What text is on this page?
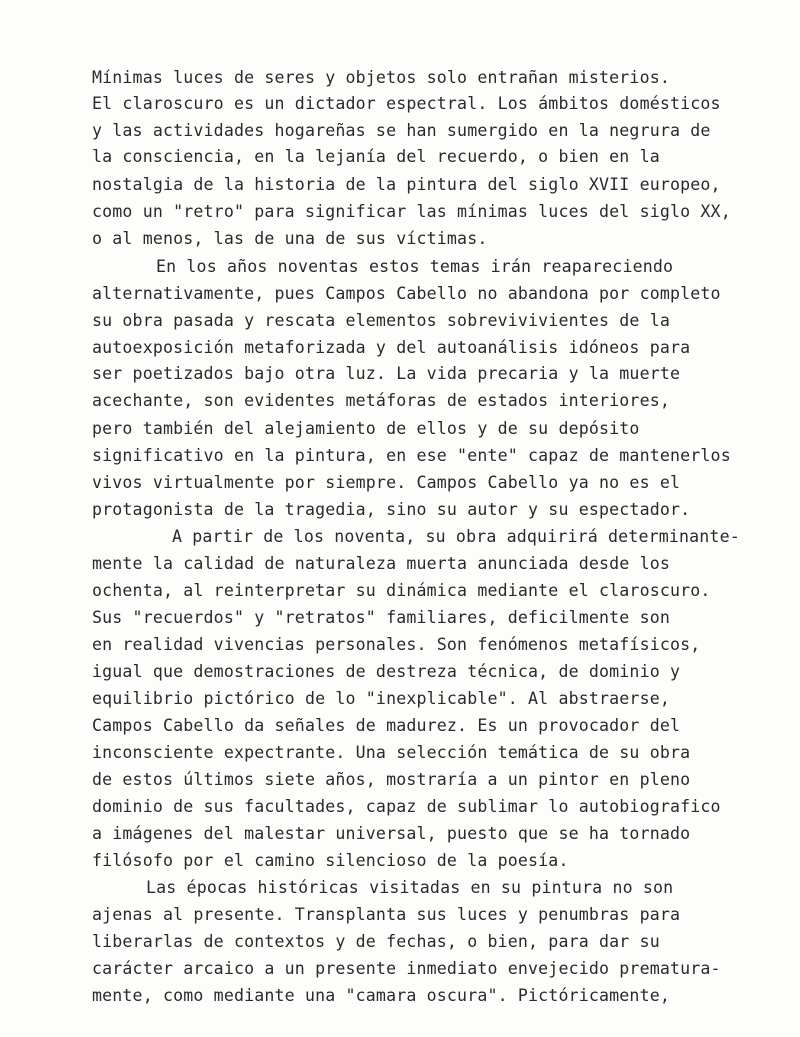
Mínimas luces de seres y objetos solo entrañan misterios.
El claroscuro es un dictador espectral. Los ámbitos domésticos
y las actividades hogareñas se han sumergido en la negrura de
la consciencia, en la lejanía del recuerdo, o bien en la
nostalgia de la historia de la pintura del siglo XVII europeo,
como un "retro" para significar las mínimas luces del siglo XX,
o al menos, las de una de sus víctimas.
En los años noventas estos temas irán reapareciendo
alternativamente, pues Campos Cabello no abandona por completo
su obra pasada y rescata elementos sobrevivivientes de la
autoexposición metaforizada y del autoanálisis idóneos para
ser poetizados bajo otra luz. La vida precaria y la muerte
acechante, son evidentes metáforas de estados interiores,
pero también del alejamiento de ellos y de su depósito
significativo en la pintura, en ese "ente" capaz de mantenerlos
vivos virtualmente por siempre. Campos Cabello ya no es el
protagonista de la tragedia, sino su autor y su espectador.
A partir de los noventa, su obra adquirirá determinante-
mente la calidad de naturaleza muerta anunciada desde los
ochenta, al reinterpretar su dinámica mediante el claroscuro.
Sus "recuerdos" y "retratos" familiares, deficilmente son
en realidad vivencias personales. Son fenómenos metafísicos,
igual que demostraciones de destreza técnica, de dominio y
equilibrio pictórico de lo "inexplicable". Al abstraerse,
Campos Cabello da señales de madurez. Es un provocador del
inconsciente expectrante. Una selección temática de su obra
de estos últimos siete años, mostraría a un pintor en pleno
dominio de sus facultades, capaz de sublimar lo autobiografico
a imágenes del malestar universal, puesto que se ha tornado
filósofo por el camino silencioso de la poesía.
Las épocas históricas visitadas en su pintura no son
ajenas al presente. Transplanta sus luces y penumbras para
liberarlas de contextos y de fechas, o bien, para dar su
carácter arcaico a un presente inmediato envejecido prematura-
mente, como mediante una "camara oscura". Pictóricamente,
